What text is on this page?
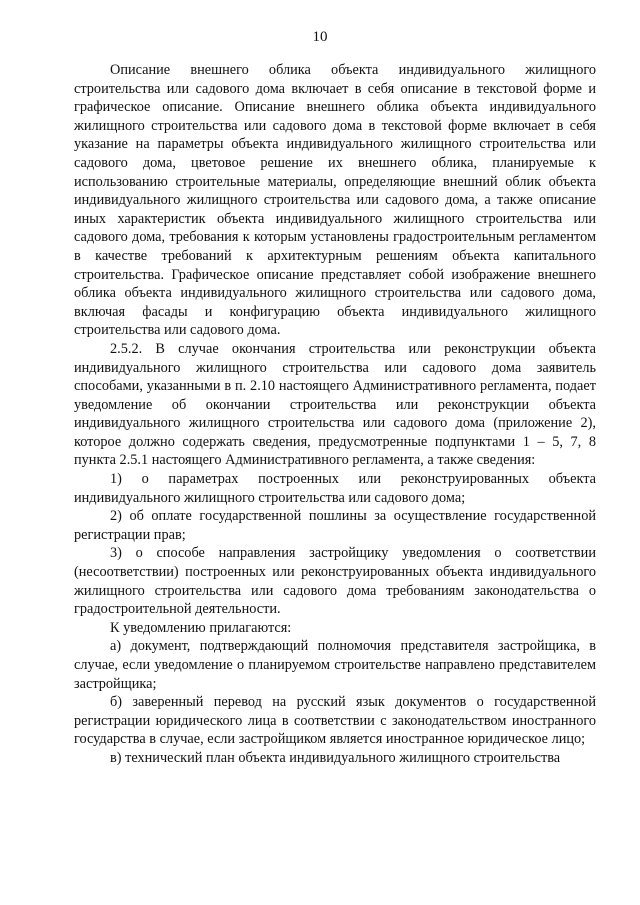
10

Описание внешнего облика объекта индивидуального жилищного строительства или садового дома включает в себя описание в текстовой форме и графическое описание. Описание внешнего облика объекта индивидуального жилищного строительства или садового дома в текстовой форме включает в себя указание на параметры объекта индивидуального жилищного строительства или садового дома, цветовое решение их внешнего облика, планируемые к использованию строительные материалы, определяющие внешний облик объекта индивидуального жилищного строительства или садового дома, а также описание иных характеристик объекта индивидуального жилищного строительства или садового дома, требования к которым установлены градостроительным регламентом в качестве требований к архитектурным решениям объекта капитального строительства. Графическое описание представляет собой изображение внешнего облика объекта индивидуального жилищного строительства или садового дома, включая фасады и конфигурацию объекта индивидуального жилищного строительства или садового дома.

2.5.2. В случае окончания строительства или реконструкции объекта индивидуального жилищного строительства или садового дома заявитель способами, указанными в п. 2.10 настоящего Административного регламента, подает уведомление об окончании строительства или реконструкции объекта индивидуального жилищного строительства или садового дома (приложение 2), которое должно содержать сведения, предусмотренные подпунктами 1 – 5, 7, 8 пункта 2.5.1 настоящего Административного регламента, а также сведения:

1) о параметрах построенных или реконструированных объекта индивидуального жилищного строительства или садового дома;

2) об оплате государственной пошлины за осуществление государственной регистрации прав;

3) о способе направления застройщику уведомления о соответствии (несоответствии) построенных или реконструированных объекта индивидуального жилищного строительства или садового дома требованиям законодательства о градостроительной деятельности.

К уведомлению прилагаются:

а) документ, подтверждающий полномочия представителя застройщика, в случае, если уведомление о планируемом строительстве направлено представителем застройщика;

б) заверенный перевод на русский язык документов о государственной регистрации юридического лица в соответствии с законодательством иностранного государства в случае, если застройщиком является иностранное юридическое лицо;

в) технический план объекта индивидуального жилищного строительства
